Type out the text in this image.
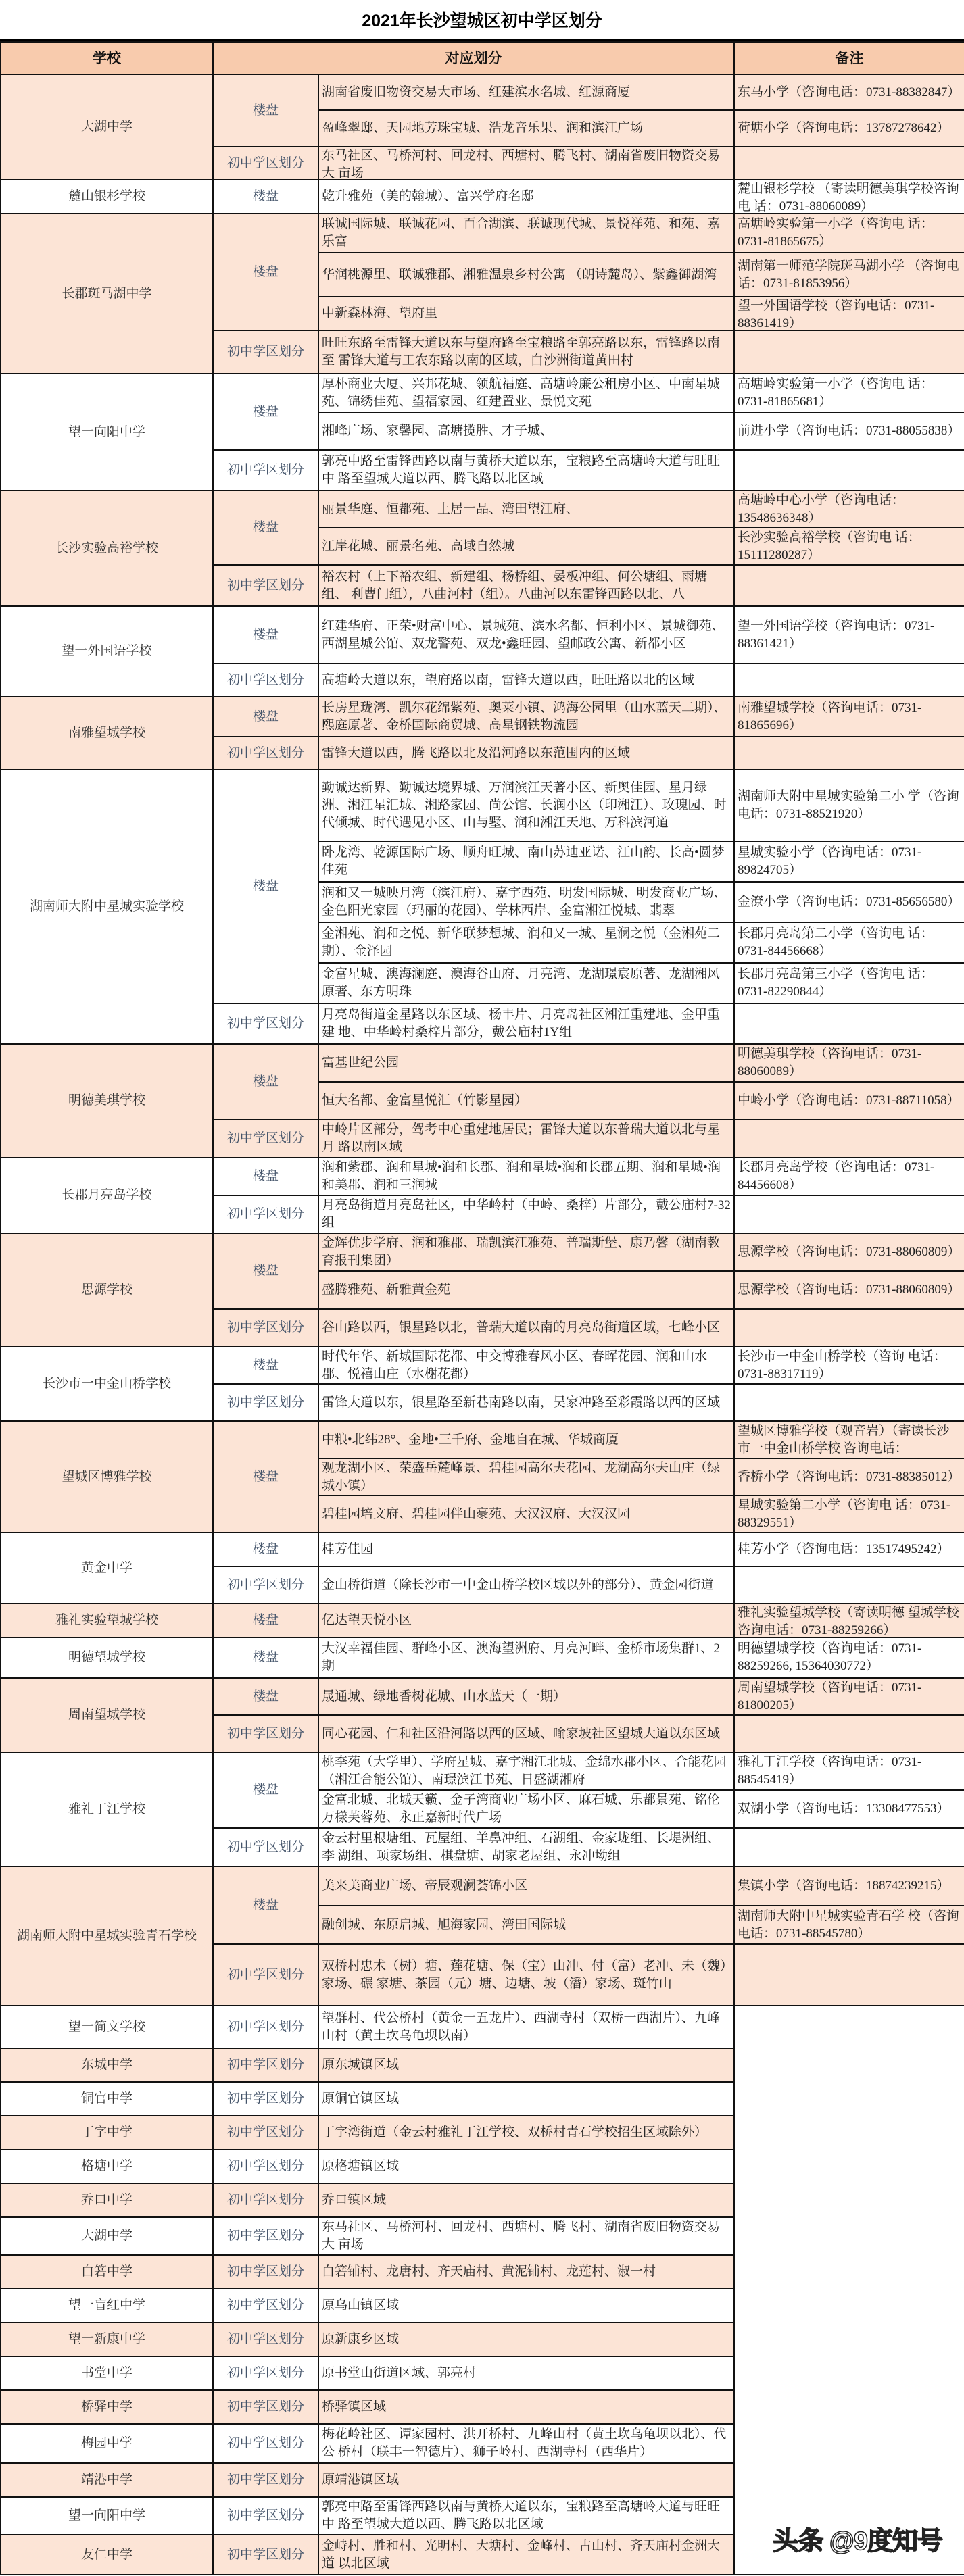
2021年长沙望城区初中学区划分
学校	对应划分		备注

大湖中学	楼盘	湖南省废旧物资交易大市场、红建滨水名城、红源商厦	东马小学（咨询电话：0731-88382847）

		盈峰翠邸、天园地芳珠宝城、浩龙音乐果、润和滨江广场	荷塘小学（咨询电话：13787278642）

	初中学区划分	东马社区、马桥河村、回龙村、西塘村、腾飞村、湖南省废旧物资交易大 亩场	

麓山银杉学校	楼盘	乾升雅苑（美的翰城）、富兴学府名邸	麓山银杉学校 （寄读明德美琪学校咨询电 话：0731-88060089）

长郡斑马湖中学	楼盘	联诚国际城、联诚花园、百合湖滨、联诚现代城、景悦祥苑、和苑、嘉乐富	高塘岭实验第一小学（咨询电 话：0731-81865675）

		华润桃源里、联诚雅郡、湘雅温泉乡村公寓 （朗诗麓岛）、紫鑫御湖湾	湖南第一师范学院斑马湖小学 （咨询电话：0731-81853956）

		中新森林海、望府里	望一外国语学校（咨询电话：0731-88361419）

	初中学区划分	旺旺东路至雷锋大道以东与望府路至宝粮路至郭亮路以东，雷锋路以南至 雷锋大道与工农东路以南的区域，白沙洲街道黄田村	

望一向阳中学	楼盘	厚朴商业大厦、兴邦花城、领航福庭、高塘岭廉公租房小区、中南星城苑、锦绣佳苑、望福家园、红建置业、景悦文苑	高塘岭实验第一小学（咨询电 话：0731-81865681）

		湘峰广场、家馨园、高塘揽胜、才子城、	前进小学（咨询电话：0731-88055838）

	初中学区划分	郭亮中路至雷锋西路以南与黄桥大道以东，宝粮路至高塘岭大道与旺旺中 路至望城大道以西、腾飞路以北区域	

长沙实验高裕学校	楼盘	丽景华庭、恒都苑、上居一品、湾田望江府、	高塘岭中心小学（咨询电话：13548636348）

		江岸花城、丽景名苑、高域自然城	长沙实验高裕学校（咨询电 话：15111280287）

	初中学区划分	裕农村（上下裕农组、新建组、杨桥组、晏板冲组、何公塘组、雨塘组、 利曹门组），八曲河村（组）。八曲河以东雷锋西路以北、八	

望一外国语学校	楼盘	红建华府、正荣•财富中心、景城苑、滨水名都、恒利小区、景城御苑、西湖星城公馆、双龙警苑、双龙•鑫旺园、望邮政公寓、新都小区	望一外国语学校（咨询电话：0731-88361421）

	初中学区划分	高塘岭大道以东，望府路以南，雷锋大道以西，旺旺路以北的区域	

南雅望城学校	楼盘	长房星珑湾、凯尔花绵紫苑、奥莱小镇、鸿海公园里（山水蓝天二期）、熙庭原著、金桥国际商贸城、高星钢铁物流园	南雅望城学校（咨询电话：0731-81865696）

	初中学区划分	雷锋大道以西，腾飞路以北及沿河路以东范围内的区域	

湖南师大附中星城实验学校	楼盘	勤诚达新界、勤诚达境界城、万润滨江天著小区、新奥佳园、星月绿洲、湘江星汇城、湘路家园、尚公馆、长润小区（印湘江）、玫瑰园、时代倾城、时代遇见小区、山与墅、润和湘江天地、万科滨河道	湖南师大附中星城实验第二小 学（咨询电话：0731-88521920）

		卧龙湾、乾源国际广场、顺舟旺城、南山苏迪亚诺、江山韵、长高•圆梦佳苑	星城实验小学（咨询电话：0731-89824705）

		润和又一城映月湾（滨江府）、嘉宇西苑、明发国际城、明发商业广场、金色阳光家园（玛丽的花园）、学林西岸、金富湘江悦城、翡翠	金潦小学（咨询电话：0731-85656580）

		金湘苑、润和之悦、新华联梦想城、润和又一城、星澜之悦（金湘苑二期）、金泽园	长郡月亮岛第二小学（咨询电 话：0731-84456668）

		金富星城、澳海澜庭、澳海谷山府、月亮湾、龙湖璟宸原著、龙湖湘风原著、东方明珠	长郡月亮岛第三小学（咨询电 话：0731-82290844）

	初中学区划分	月亮岛街道金星路以东区域、杨丰片、月亮岛社区湘江重建地、金甲重建 地、中华岭村桑梓片部分，戴公庙村1Y组	

明德美琪学校	楼盘	富基世纪公园	明德美琪学校（咨询电话：0731-88060089）

		恒大名都、金富星悦汇（竹影星园）	中岭小学（咨询电话：0731-88711058）

	初中学区划分	中岭片区部分，驾考中心重建地居民；雷锋大道以东普瑞大道以北与星月 路以南区域	

长郡月亮岛学校	楼盘	润和紫郡、润和星城•润和长郡、润和星城•润和长郡五期、润和星城•润和美郡、润和三润城	长郡月亮岛学校（咨询电话：0731-84456608）

	初中学区划分	月亮岛街道月亮岛社区，中华岭村（中岭、桑梓）片部分，戴公庙村7-32组	

思源学校	楼盘	金辉优步学府、润和雅郡、瑞凯滨江雅苑、普瑞斯堡、康乃馨（湖南教育报刊集团）	思源学校（咨询电话：0731-88060809）

		盛腾雅苑、新雅黄金苑	思源学校（咨询电话：0731-88060809）

	初中学区划分	谷山路以西，银星路以北，普瑞大道以南的月亮岛街道区域，七峰小区	

长沙市一中金山桥学校	楼盘	时代年华、新城国际花都、中交博雅春风小区、春晖花园、润和山水郡、悦禧山庄（水榭花都）	长沙市一中金山桥学校（咨询 电话：0731-88317119）

	初中学区划分	雷锋大道以东，银星路至新巷南路以南，吴家冲路至彩霞路以西的区域	

望城区博雅学校	楼盘	中粮•北纬28°、金地•三千府、金地自在城、华城商厦	望城区博雅学校（观音岩）（寄读长沙市一中金山桥学校 咨询电话：

		观龙湖小区、荣盛岳麓峰景、碧桂园高尔夫花园、龙湖高尔夫山庄（绿城小镇）	香桥小学（咨询电话：0731-88385012）

		碧桂园培文府、碧桂园伴山豪苑、大汉汉府、大汉汉园	星城实验第二小学（咨询电 话：0731-88329551）

黄金中学	楼盘	桂芳佳园	桂芳小学（咨询电话：13517495242）

	初中学区划分	金山桥街道（除长沙市一中金山桥学校区域以外的部分）、黄金园街道	

雅礼实验望城学校	楼盘	亿达望天悦小区	雅礼实验望城学校（寄读明德 望城学校咨询电话：0731-88259266）

明德望城学校	楼盘	大汉幸福佳园、群峰小区、澳海望洲府、月亮河畔、金桥市场集群1、2期	明德望城学校（咨询电话：0731-88259266, 15364030772）

周南望城学校	楼盘	晟通城、绿地香树花城、山水蓝天（一期）	周南望城学校（咨询电话：0731-81800205）

	初中学区划分	同心花园、仁和社区沿河路以西的区域、喻家坡社区望城大道以东区域	

雅礼丁江学校	楼盘	桃李苑（大学里）、学府星城、嘉宇湘江北城、金绵水郡小区、合能花园（湘江合能公馆）、南璟滨江书苑、日盛湖湘府	雅礼丁江学校（咨询电话：0731-88545419）

		金富北城、北城天籁、金子湾商业广场小区、麻石城、乐都景苑、铭伦万樣芙蓉苑、永正嘉新时代广场	双湖小学（咨询电话：13308477553）

	初中学区划分	金云村里根塘组、瓦屋组、羊鼻冲组、石湖组、金家垅组、长堤洲组、李 湖组、项家场组、棋盘塘、胡家老屋组、永冲坳组	

湖南师大附中星城实验青石学校	楼盘	美来美商业广场、帝辰观澜荟锦小区	集镇小学（咨询电话：18874239215）

		融创城、东原启城、旭海家园、湾田国际城	湖南师大附中星城实验青石学 校（咨询电话：0731-88545780）

	初中学区划分	双桥村忠术（树）塘、莲花塘、保（宝）山冲、付（富）老冲、未（魏）家场、碾 家塘、茶园（元）塘、边塘、坡（潘）家场、斑竹山	

望一简文学校	初中学区划分	望群村、代公桥村（黄金一五龙片）、西湖寺村（双桥一西湖片）、九峰 山村（黄土坎乌龟坝以南）	

东城中学	初中学区划分	原东城镇区域	

铜官中学	初中学区划分	原铜官镇区域	

丁字中学	初中学区划分	丁字湾街道（金云村雅礼丁江学校、双桥村青石学校招生区域除外）	

格塘中学	初中学区划分	原格塘镇区域	

乔口中学	初中学区划分	乔口镇区域	

大湖中学	初中学区划分	东马社区、马桥河村、回龙村、西塘村、腾飞村、湖南省废旧物资交易大 亩场	

白箬中学	初中学区划分	白箬铺村、龙唐村、齐天庙村、黄泥铺村、龙莲村、淑一村	

望一盲红中学	初中学区划分	原乌山镇区域	

望一新康中学	初中学区划分	原新康乡区域	

书堂中学	初中学区划分	原书堂山街道区域、郭亮村	

桥驿中学	初中学区划分	桥驿镇区域	

梅园中学	初中学区划分	梅花岭社区、谭家园村、洪开桥村、九峰山村（黄土坎乌龟坝以北）、代公 桥村（联丰一智德片）、狮子岭村、西湖寺村（西华片）	

靖港中学	初中学区划分	原靖港镇区域	

望一向阳中学	初中学区划分	郭亮中路至雷锋西路以南与黄桥大道以东，宝粮路至高塘岭大道与旺旺中 路至望城大道以西、腾飞路以北区域	

友仁中学	初中学区划分	金峙村、胜和村、光明村、大塘村、金峰村、古山村、齐天庙村金洲大道 以北区域	
头条 @9度知号
